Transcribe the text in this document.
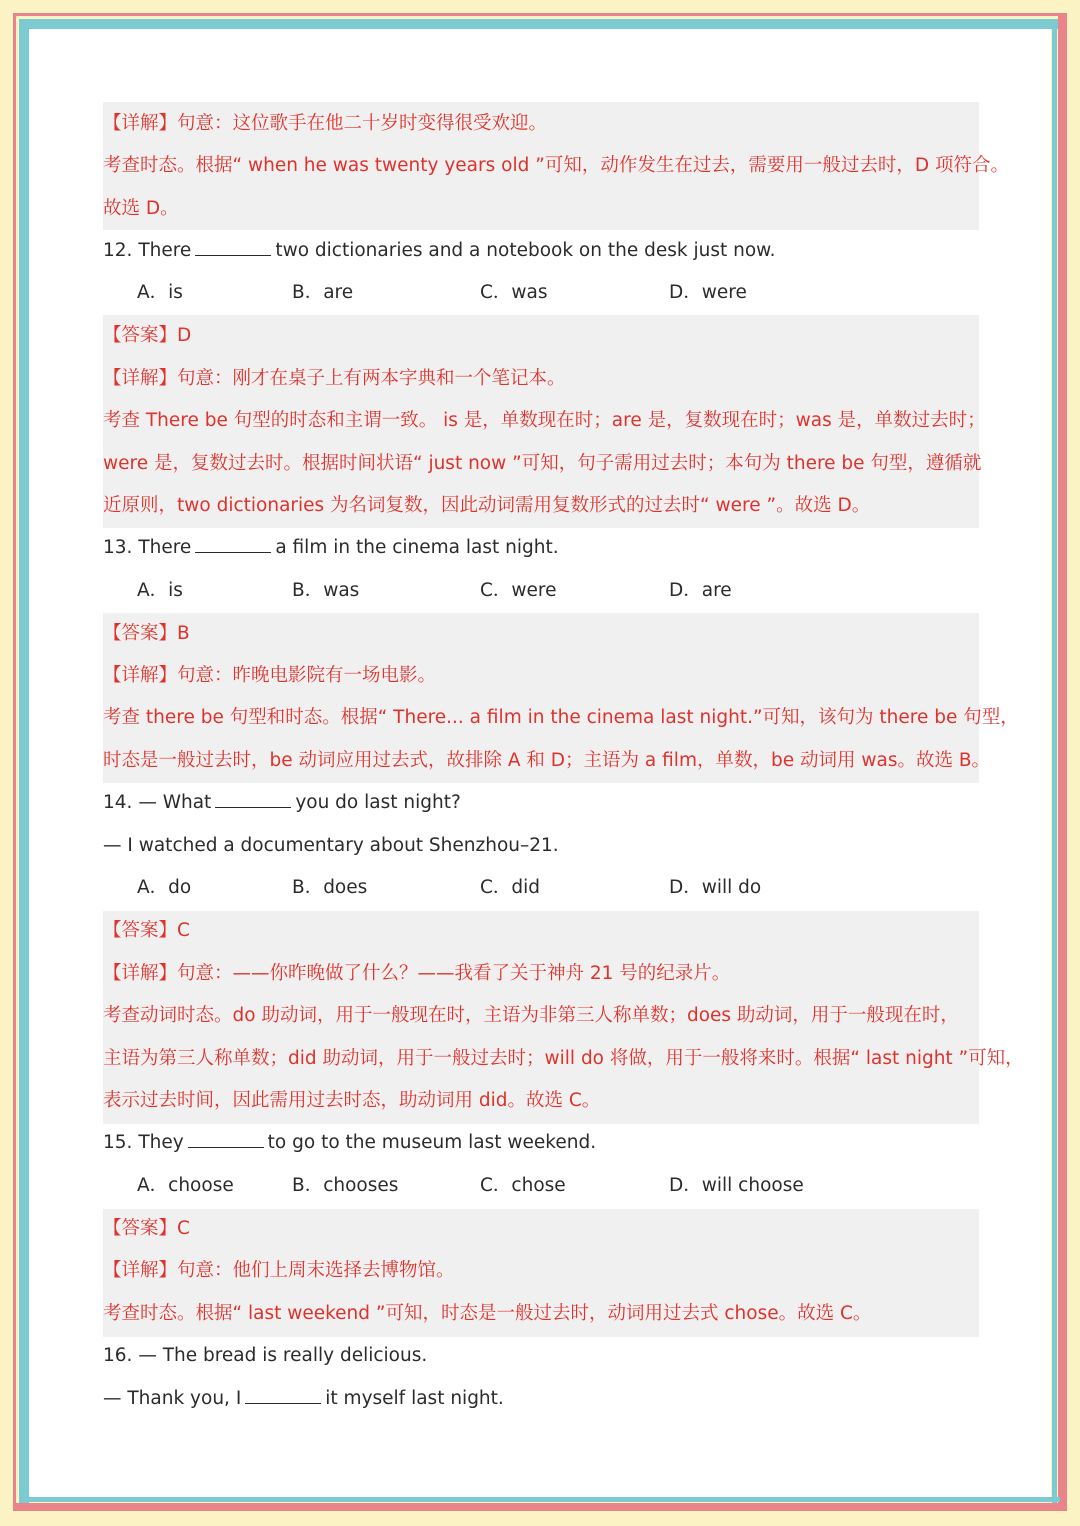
【详解】句意：这位歌手在他二十岁时变得很受欢迎。
考查时态。根据“ when he was twenty years old ”可知，动作发生在过去，需要用一般过去时，D 项符合。
故选 D。
12. There	two dictionaries and a notebook on the desk just now.
A．is	B．are	C．was	D．were
【答案】D
【详解】句意：刚才在桌子上有两本字典和一个笔记本。
考查 There be 句型的时态和主谓一致。 is 是，单数现在时；are 是，复数现在时；was 是，单数过去时；
were 是，复数过去时。根据时间状语“ just now ”可知，句子需用过去时；本句为 there be 句型，遵循就
近原则，two dictionaries 为名词复数，因此动词需用复数形式的过去时“ were ”。故选 D。
13. There	a film in the cinema last night.
A．is	B．was	C．were	D．are
【答案】B
【详解】句意：昨晚电影院有一场电影。
考查 there be 句型和时态。根据“ There... a film in the cinema last night.”可知，该句为 there be 句型，
时态是一般过去时，be 动词应用过去式，故排除 A 和 D；主语为 a film，单数，be 动词用 was。故选 B。
14. — What	you do last night?
— I watched a documentary about Shenzhou–21.
A．do	B．does	C．did	D．will do
【答案】C
【详解】句意：——你昨晚做了什么？——我看了关于神舟 21 号的纪录片。
考查动词时态。do 助动词，用于一般现在时，主语为非第三人称单数；does 助动词，用于一般现在时，
主语为第三人称单数；did 助动词，用于一般过去时；will do 将做，用于一般将来时。根据“ last night ”可知，
表示过去时间，因此需用过去时态，助动词用 did。故选 C。
15. They	to go to the museum last weekend.
A．choose	B．chooses	C．chose	D．will choose
【答案】C
【详解】句意：他们上周末选择去博物馆。
考查时态。根据“ last weekend ”可知，时态是一般过去时，动词用过去式 chose。故选 C。
16. — The bread is really delicious.
— Thank you, I	it myself last night.
